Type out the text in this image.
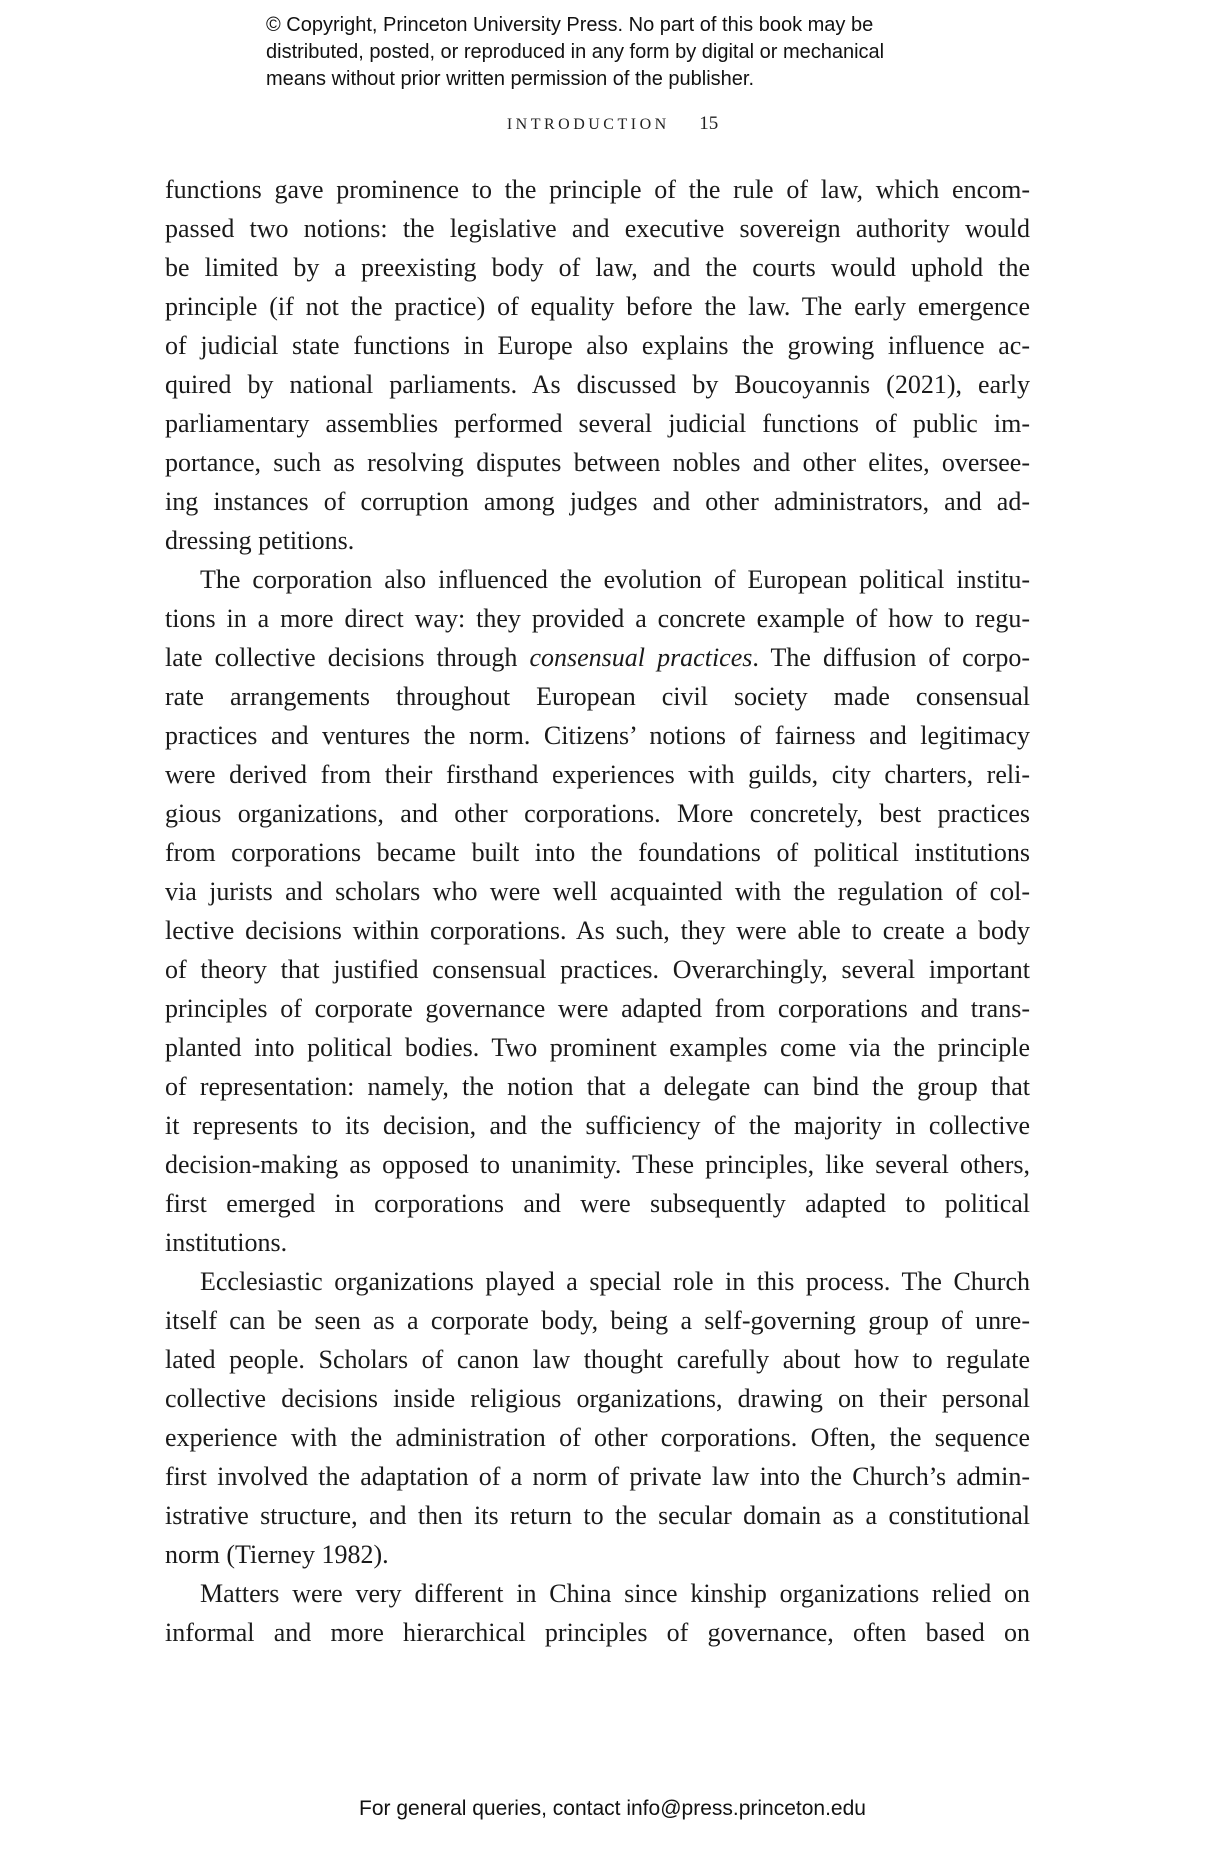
© Copyright, Princeton University Press. No part of this book may be

distributed, posted, or reproduced in any form by digital or mechanical

means without prior written permission of the publisher.

INTRODUCTION 15
functions gave prominence to the principle of the rule of law, which encom-
passed two notions: the legislative and executive sovereign authority would
be limited by a preexisting body of law, and the courts would uphold the
principle (if not the practice) of equality before the law. The early emergence
of judicial state functions in Europe also explains the growing influence ac-
quired by national parliaments. As discussed by Boucoyannis (2021), early
parliamentary assemblies performed several judicial functions of public im-
portance, such as resolving disputes between nobles and other elites, oversee-
ing instances of corruption among judges and other administrators, and ad-
dressing petitions.
The corporation also influenced the evolution of European political institu-
tions in a more direct way: they provided a concrete example of how to regu-
late collective decisions through consensual practices. The diffusion of corpo-
rate arrangements throughout European civil society made consensual
practices and ventures the norm. Citizens’ notions of fairness and legitimacy
were derived from their firsthand experiences with guilds, city charters, reli-
gious organizations, and other corporations. More concretely, best practices
from corporations became built into the foundations of political institutions
via jurists and scholars who were well acquainted with the regulation of col-
lective decisions within corporations. As such, they were able to create a body
of theory that justified consensual practices. Overarchingly, several important
principles of corporate governance were adapted from corporations and trans-
planted into political bodies. Two prominent examples come via the principle
of representation: namely, the notion that a delegate can bind the group that
it represents to its decision, and the sufficiency of the majority in collective
decision-making as opposed to unanimity. These principles, like several others,
first emerged in corporations and were subsequently adapted to political
institutions.
Ecclesiastic organizations played a special role in this process. The Church
itself can be seen as a corporate body, being a self-governing group of unre-
lated people. Scholars of canon law thought carefully about how to regulate
collective decisions inside religious organizations, drawing on their personal
experience with the administration of other corporations. Often, the sequence
first involved the adaptation of a norm of private law into the Church’s admin-
istrative structure, and then its return to the secular domain as a constitutional
norm (Tierney 1982).
Matters were very different in China since kinship organizations relied on
informal and more hierarchical principles of governance, often based on
For general queries, contact info@press.princeton.edu
